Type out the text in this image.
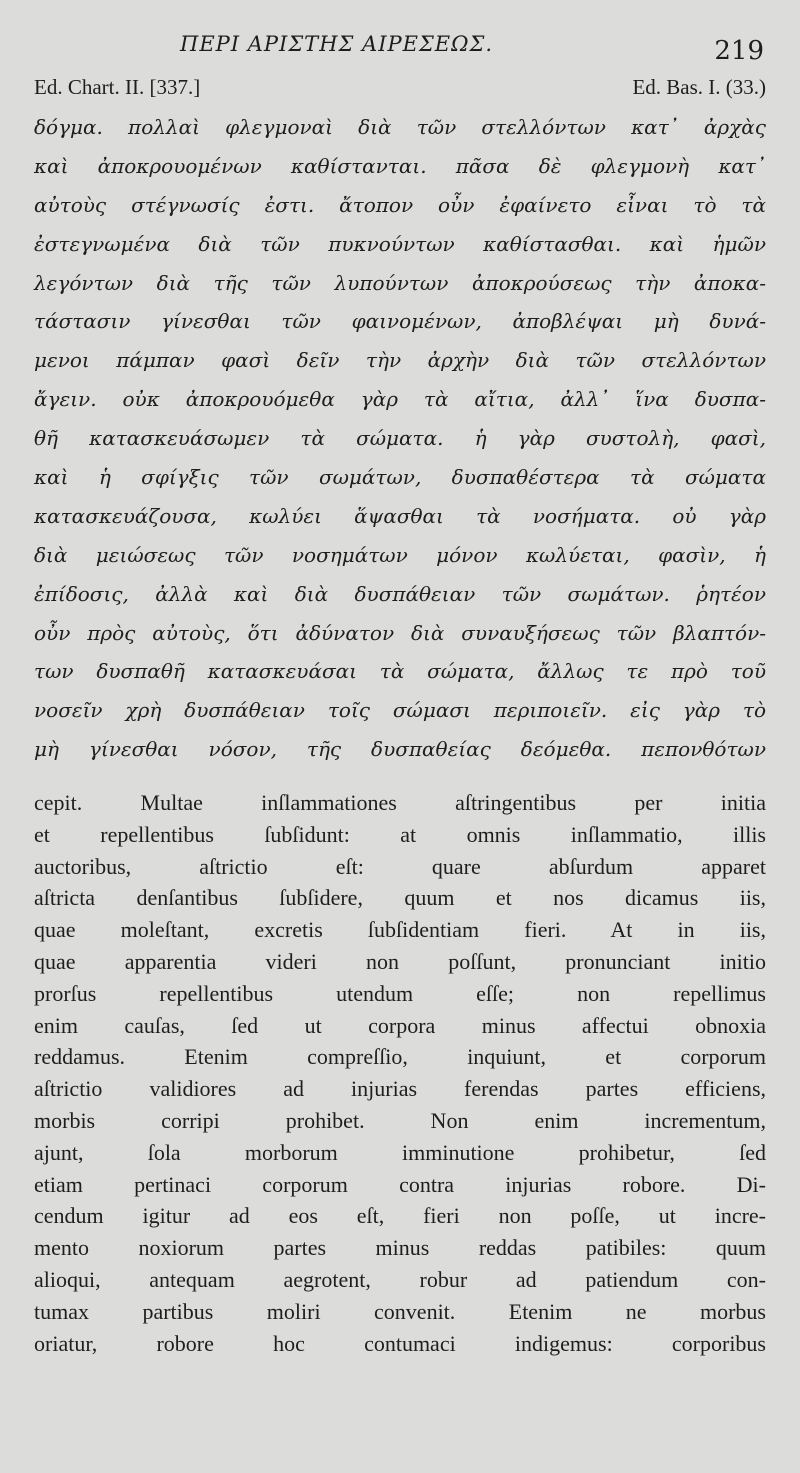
ΠΕΡΙ ΑΡΙΣΤΗΣ ΑΙΡΕΣΕΩΣ.	219
Ed. Chart. II. [337.]	Ed. Bas. I. (33.)
δόγμα. πολλαὶ φλεγμοναὶ διὰ τῶν στελλόντων κατ᾽ ἀρχὰς
καὶ ἀποκρουομένων καθίστανται. πᾶσα δὲ φλεγμονὴ κατ᾽
αὐτοὺς στέγνωσίς ἐστι. ἄτοπον οὖν ἐφαίνετο εἶναι τὸ τὰ
ἐστεγνωμένα διὰ τῶν πυκνούντων καθίστασθαι. καὶ ἡμῶν
λεγόντων διὰ τῆς τῶν λυπούντων ἀποκρούσεως τὴν ἀποκα-
τάστασιν γίνεσθαι τῶν φαινομένων, ἀποβλέψαι μὴ δυνά-
μενοι πάμπαν φασὶ δεῖν τὴν ἀρχὴν διὰ τῶν στελλόντων
ἄγειν. οὐκ ἀποκρουόμεθα γὰρ τὰ αἴτια, ἀλλ᾽ ἵνα δυσπα-
θῆ κατασκευάσωμεν τὰ σώματα. ἡ γὰρ συστολὴ, φασὶ,
καὶ ἡ σφίγξις τῶν σωμάτων, δυσπαθέστερα τὰ σώματα
κατασκευάζουσα, κωλύει ἅψασθαι τὰ νοσήματα. οὐ γὰρ
διὰ μειώσεως τῶν νοσημάτων μόνον κωλύεται, φασὶν, ἡ
ἐπίδοσις, ἀλλὰ καὶ διὰ δυσπάθειαν τῶν σωμάτων. ῥητέον
οὖν πρὸς αὐτοὺς, ὅτι ἀδύνατον διὰ συναυξήσεως τῶν βλαπτόν-
των δυσπαθῆ κατασκευάσαι τὰ σώματα, ἄλλως τε πρὸ τοῦ
νοσεῖν χρὴ δυσπάθειαν τοῖς σώμασι περιποιεῖν. εἰς γὰρ τὸ
μὴ γίνεσθαι νόσον, τῆς δυσπαθείας δεόμεθα. πεπονθότων
cepit. Multae inſlammationes aſtringentibus per initia
et repellentibus ſubſidunt: at omnis inſlammatio, illis
auctoribus, aſtrictio eſt: quare abſurdum apparet
aſtricta denſantibus ſubſidere, quum et nos dicamus iis,
quae moleſtant, excretis ſubſidentiam fieri. At in iis,
quae apparentia videri non poſſunt, pronunciant initio
prorſus repellentibus utendum eſſe; non repellimus
enim cauſas, ſed ut corpora minus affectui obnoxia
reddamus. Etenim compreſſio, inquiunt, et corporum
aſtrictio validiores ad injurias ferendas partes efficiens,
morbis corripi prohibet. Non enim incrementum,
ajunt, ſola morborum imminutione prohibetur, ſed
etiam pertinaci corporum contra injurias robore. Di-
cendum igitur ad eos eſt, fieri non poſſe, ut incre-
mento noxiorum partes minus reddas patibiles: quum
alioqui, antequam aegrotent, robur ad patiendum con-
tumax partibus moliri convenit. Etenim ne morbus
oriatur, robore hoc contumaci indigemus: corporibus
